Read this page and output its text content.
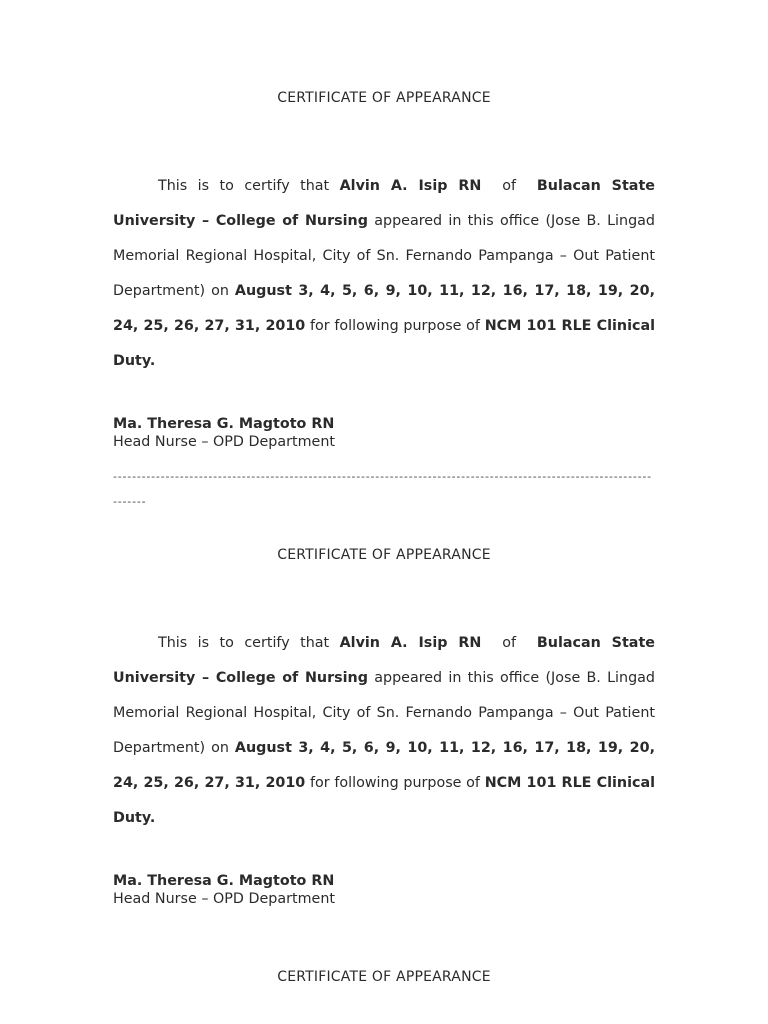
CERTIFICATE OF APPEARANCE

This is to certify that Alvin A. Isip RN of Bulacan State University – College of Nursing appeared in this office (Jose B. Lingad Memorial Regional Hospital, City of Sn. Fernando Pampanga – Out Patient Department) on August 3, 4, 5, 6, 9, 10, 11, 12, 16, 17, 18, 19, 20, 24, 25, 26, 27, 31, 2010 for following purpose of NCM 101 RLE Clinical Duty.

Ma. Theresa G. Magtoto RN
Head Nurse – OPD Department

------------------------------------------------------------------------------------------------------------------------

CERTIFICATE OF APPEARANCE

This is to certify that Alvin A. Isip RN of Bulacan State University – College of Nursing appeared in this office (Jose B. Lingad Memorial Regional Hospital, City of Sn. Fernando Pampanga – Out Patient Department) on August 3, 4, 5, 6, 9, 10, 11, 12, 16, 17, 18, 19, 20, 24, 25, 26, 27, 31, 2010 for following purpose of NCM 101 RLE Clinical Duty.

Ma. Theresa G. Magtoto RN
Head Nurse – OPD Department

CERTIFICATE OF APPEARANCE
